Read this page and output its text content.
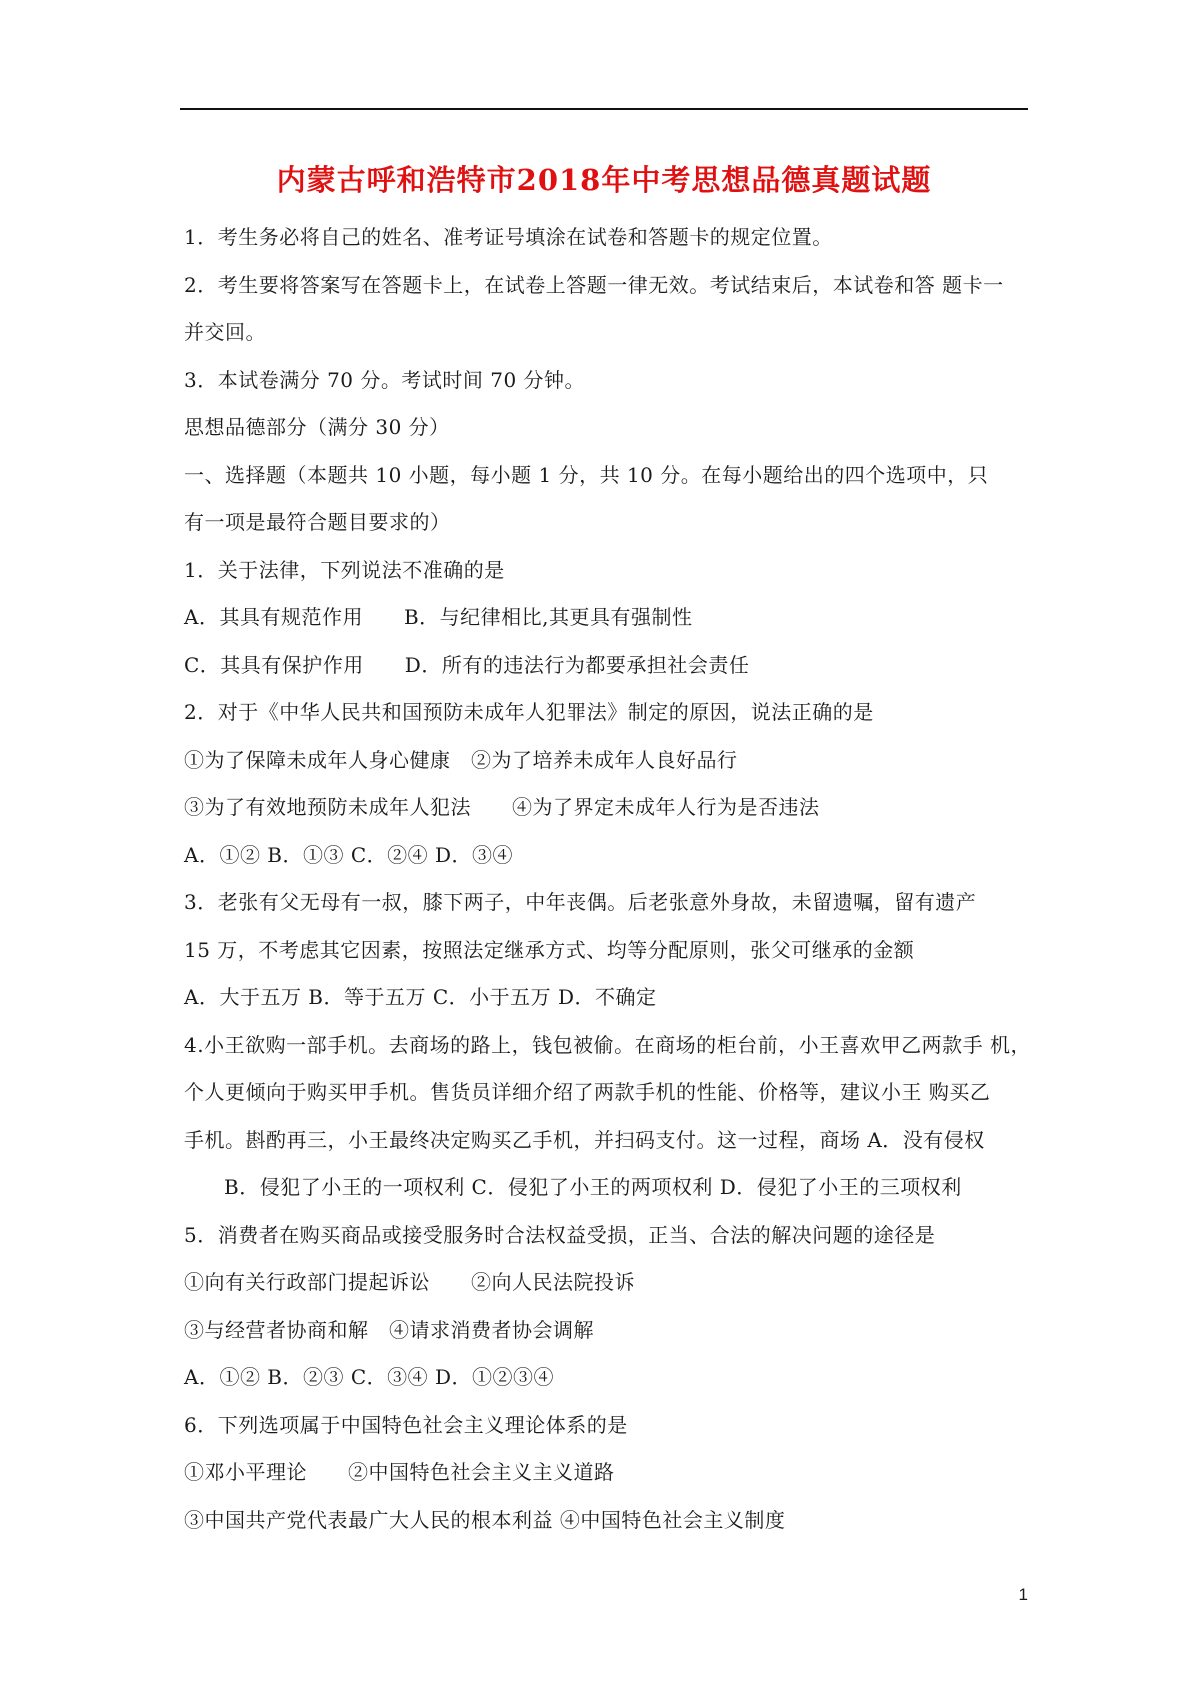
内蒙古呼和浩特市2018年中考思想品德真题试题
1．考生务必将自己的姓名、准考证号填涂在试卷和答题卡的规定位置。
2．考生要将答案写在答题卡上，在试卷上答题一律无效。考试结束后，本试卷和答 题卡一
并交回。
3．本试卷满分 70 分。考试时间 70 分钟。
思想品德部分（满分 30 分）
一、选择题（本题共 10 小题，每小题 1 分，共 10 分。在每小题给出的四个选项中，只
有一项是最符合题目要求的）
1．关于法律，下列说法不准确的是
A．其具有规范作用　　B．与纪律相比,其更具有强制性
C．其具有保护作用　　D．所有的违法行为都要承担社会责任
2．对于《中华人民共和国预防未成年人犯罪法》制定的原因，说法正确的是
①为了保障未成年人身心健康　②为了培养未成年人良好品行
③为了有效地预防未成年人犯法　　④为了界定未成年人行为是否违法
A．①② B．①③ C．②④ D．③④
3．老张有父无母有一叔，膝下两子，中年丧偶。后老张意外身故，未留遗嘱，留有遗产
15 万，不考虑其它因素，按照法定继承方式、均等分配原则，张父可继承的金额
A．大于五万 B．等于五万 C．小于五万 D．不确定
4.小王欲购一部手机。去商场的路上，钱包被偷。在商场的柜台前，小王喜欢甲乙两款手 机，
个人更倾向于购买甲手机。售货员详细介绍了两款手机的性能、价格等，建议小王 购买乙
手机。斟酌再三，小王最终决定购买乙手机，并扫码支付。这一过程，商场 A．没有侵权
B．侵犯了小王的一项权利 C．侵犯了小王的两项权利 D．侵犯了小王的三项权利
5．消费者在购买商品或接受服务时合法权益受损，正当、合法的解决问题的途径是
①向有关行政部门提起诉讼　　②向人民法院投诉
③与经营者协商和解　④请求消费者协会调解
A．①② B．②③ C．③④ D．①②③④
6．下列选项属于中国特色社会主义理论体系的是
①邓小平理论　　②中国特色社会主义主义道路
③中国共产党代表最广大人民的根本利益 ④中国特色社会主义制度
1
